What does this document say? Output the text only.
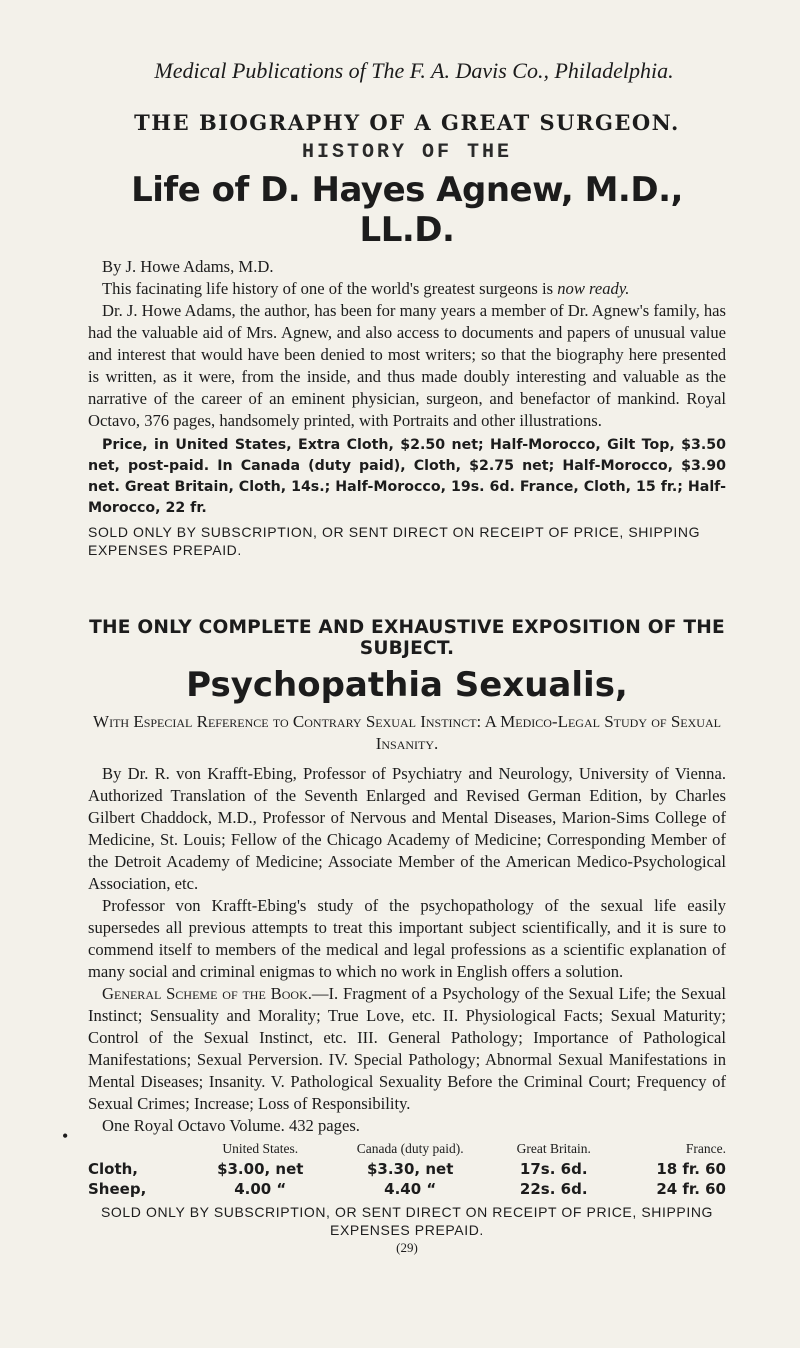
Medical Publications of The F. A. Davis Co., Philadelphia.
THE BIOGRAPHY OF A GREAT SURGEON.
HISTORY OF THE
Life of D. Hayes Agnew, M.D., LL.D.

By J. Howe Adams, M.D.

This facinating life history of one of the world's greatest surgeons is now ready.

Dr. J. Howe Adams, the author, has been for many years a member of Dr. Agnew's family, has had the valuable aid of Mrs. Agnew, and also access to documents and papers of unusual value and interest that would have been denied to most writers; so that the biography here presented is written, as it were, from the inside, and thus made doubly interesting and valuable as the narrative of the career of an eminent physician, surgeon, and benefactor of mankind. Royal Octavo, 376 pages, handsomely printed, with Portraits and other illustrations.

Price, in United States, Extra Cloth, $2.50 net; Half-Morocco, Gilt Top, $3.50 net, post-paid. In Canada (duty paid), Cloth, $2.75 net; Half-Morocco, $3.90 net. Great Britain, Cloth, 14s.; Half-Morocco, 19s. 6d. France, Cloth, 15 fr.; Half-Morocco, 22 fr.

SOLD ONLY BY SUBSCRIPTION, OR SENT DIRECT ON RECEIPT OF PRICE, SHIPPING EXPENSES PREPAID.

THE ONLY COMPLETE AND EXHAUSTIVE EXPOSITION OF THE SUBJECT.
Psychopathia Sexualis,
With Especial Reference to Contrary Sexual Instinct: A Medico-Legal Study of Sexual Insanity.

By Dr. R. von Krafft-Ebing, Professor of Psychiatry and Neurology, University of Vienna. Authorized Translation of the Seventh Enlarged and Revised German Edition, by Charles Gilbert Chaddock, M.D., Professor of Nervous and Mental Diseases, Marion-Sims College of Medicine, St. Louis; Fellow of the Chicago Academy of Medicine; Corresponding Member of the Detroit Academy of Medicine; Associate Member of the American Medico-Psychological Association, etc.

Professor von Krafft-Ebing's study of the psychopathology of the sexual life easily supersedes all previous attempts to treat this important subject scientifically, and it is sure to commend itself to members of the medical and legal professions as a scientific explanation of many social and criminal enigmas to which no work in English offers a solution.

General Scheme of the Book.—I. Fragment of a Psychology of the Sexual Life; the Sexual Instinct; Sensuality and Morality; True Love, etc. II. Physiological Facts; Sexual Maturity; Control of the Sexual Instinct, etc. III. General Pathology; Importance of Pathological Manifestations; Sexual Perversion. IV. Special Pathology; Abnormal Sexual Manifestations in Mental Diseases; Insanity. V. Pathological Sexuality Before the Criminal Court; Frequency of Sexual Crimes; Increase; Loss of Responsibility.

One Royal Octavo Volume. 432 pages.

	United States.	Canada (duty paid).	Great Britain.	France.
Cloth,	$3.00, net	$3.30, net	17s. 6d.	18 fr. 60
Sheep,	4.00 “	4.40 “	22s. 6d.	24 fr. 60

SOLD ONLY BY SUBSCRIPTION, OR SENT DIRECT ON RECEIPT OF PRICE, SHIPPING EXPENSES PREPAID.

(29)
•
